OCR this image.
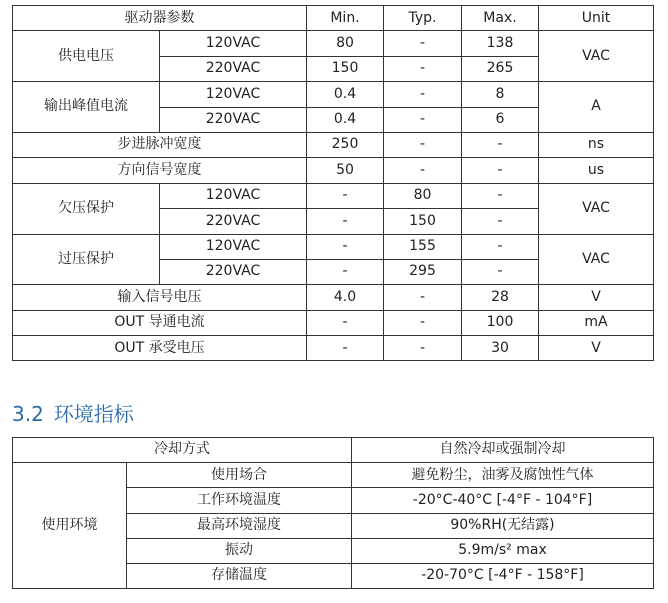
驱动器参数		Min.	Typ.	Max.	Unit
供电电压	120VAC	80	-	138	VAC
	220VAC	150	-	265	
输出峰值电流	120VAC	0.4	-	8	A
	220VAC	0.4	-	6	
步进脉冲宽度		250	-	-	ns
方向信号宽度		50	-	-	us
欠压保护	120VAC	-	80	-	VAC
	220VAC	-	150	-	
过压保护	120VAC	-	155	-	VAC
	220VAC	-	295	-	
输入信号电压		4.0	-	28	V
OUT 导通电流		-	-	100	mA
OUT 承受电压		-	-	30	V
3.2 环境指标
冷却方式		自然冷却或强制冷却
使用环境	使用场合	避免粉尘，油雾及腐蚀性气体
	工作环境温度	-20°C-40°C [-4°F - 104°F]
	最高环境湿度	90%RH(无结露)
	振动	5.9m/s² max
	存储温度	-20-70°C [-4°F - 158°F]
